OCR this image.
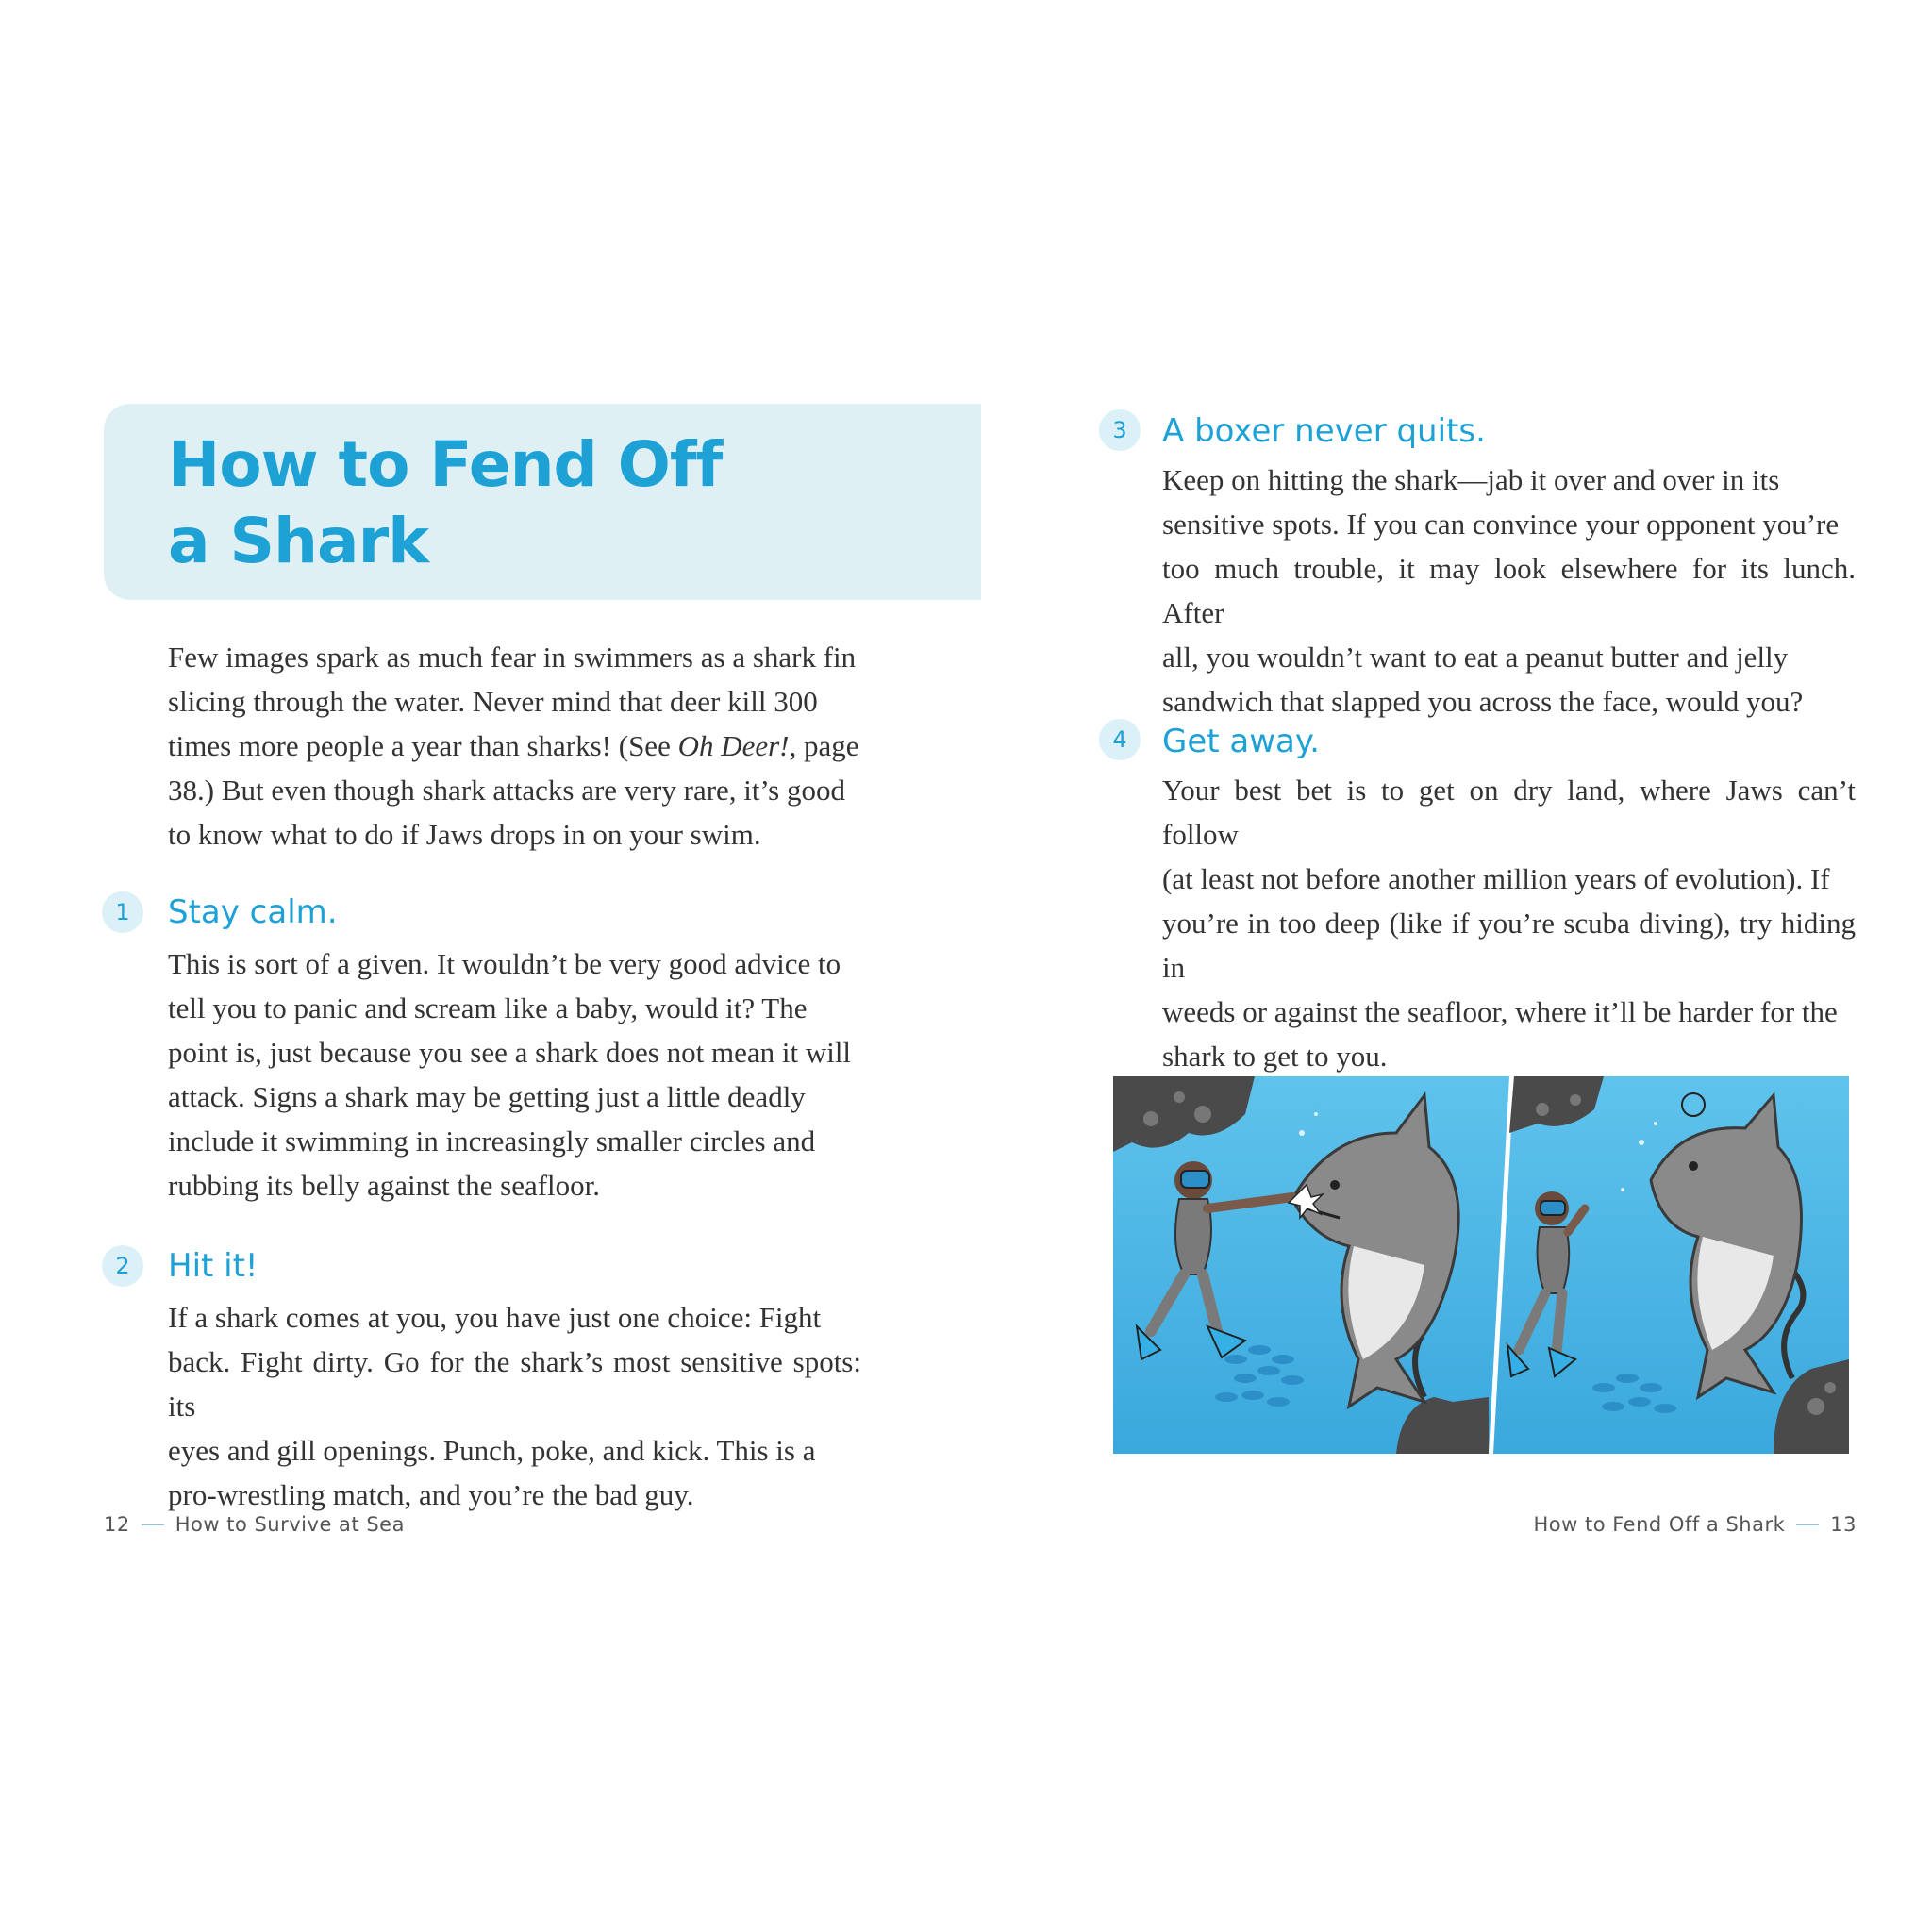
How to Fend Off
a Shark
Few images spark as much fear in swimmers as a shark fin
slicing through the water. Never mind that deer kill 300
times more people a year than sharks! (See Oh Deer!, page
38.) But even though shark attacks are very rare, it’s good
to know what to do if Jaws drops in on your swim.
1	Stay calm.
This is sort of a given. It wouldn’t be very good advice to
tell you to panic and scream like a baby, would it? The
point is, just because you see a shark does not mean it will
attack. Signs a shark may be getting just a little deadly
include it swimming in increasingly smaller circles and
rubbing its belly against the seafloor.
2	Hit it!
If a shark comes at you, you have just one choice: Fight
back. Fight dirty. Go for the shark’s most sensitive spots: its
eyes and gill openings. Punch, poke, and kick. This is a
pro-wrestling match, and you’re the bad guy.
3	A boxer never quits.
Keep on hitting the shark—jab it over and over in its
sensitive spots. If you can convince your opponent you’re
too much trouble, it may look elsewhere for its lunch. After
all, you wouldn’t want to eat a peanut butter and jelly
sandwich that slapped you across the face, would you?
4	Get away.
Your best bet is to get on dry land, where Jaws can’t follow
(at least not before another million years of evolution). If
you’re in too deep (like if you’re scuba diving), try hiding in
weeds or against the seafloor, where it’ll be harder for the
shark to get to you.
12 How to Survive at Sea	How to Fend Off a Shark 13
